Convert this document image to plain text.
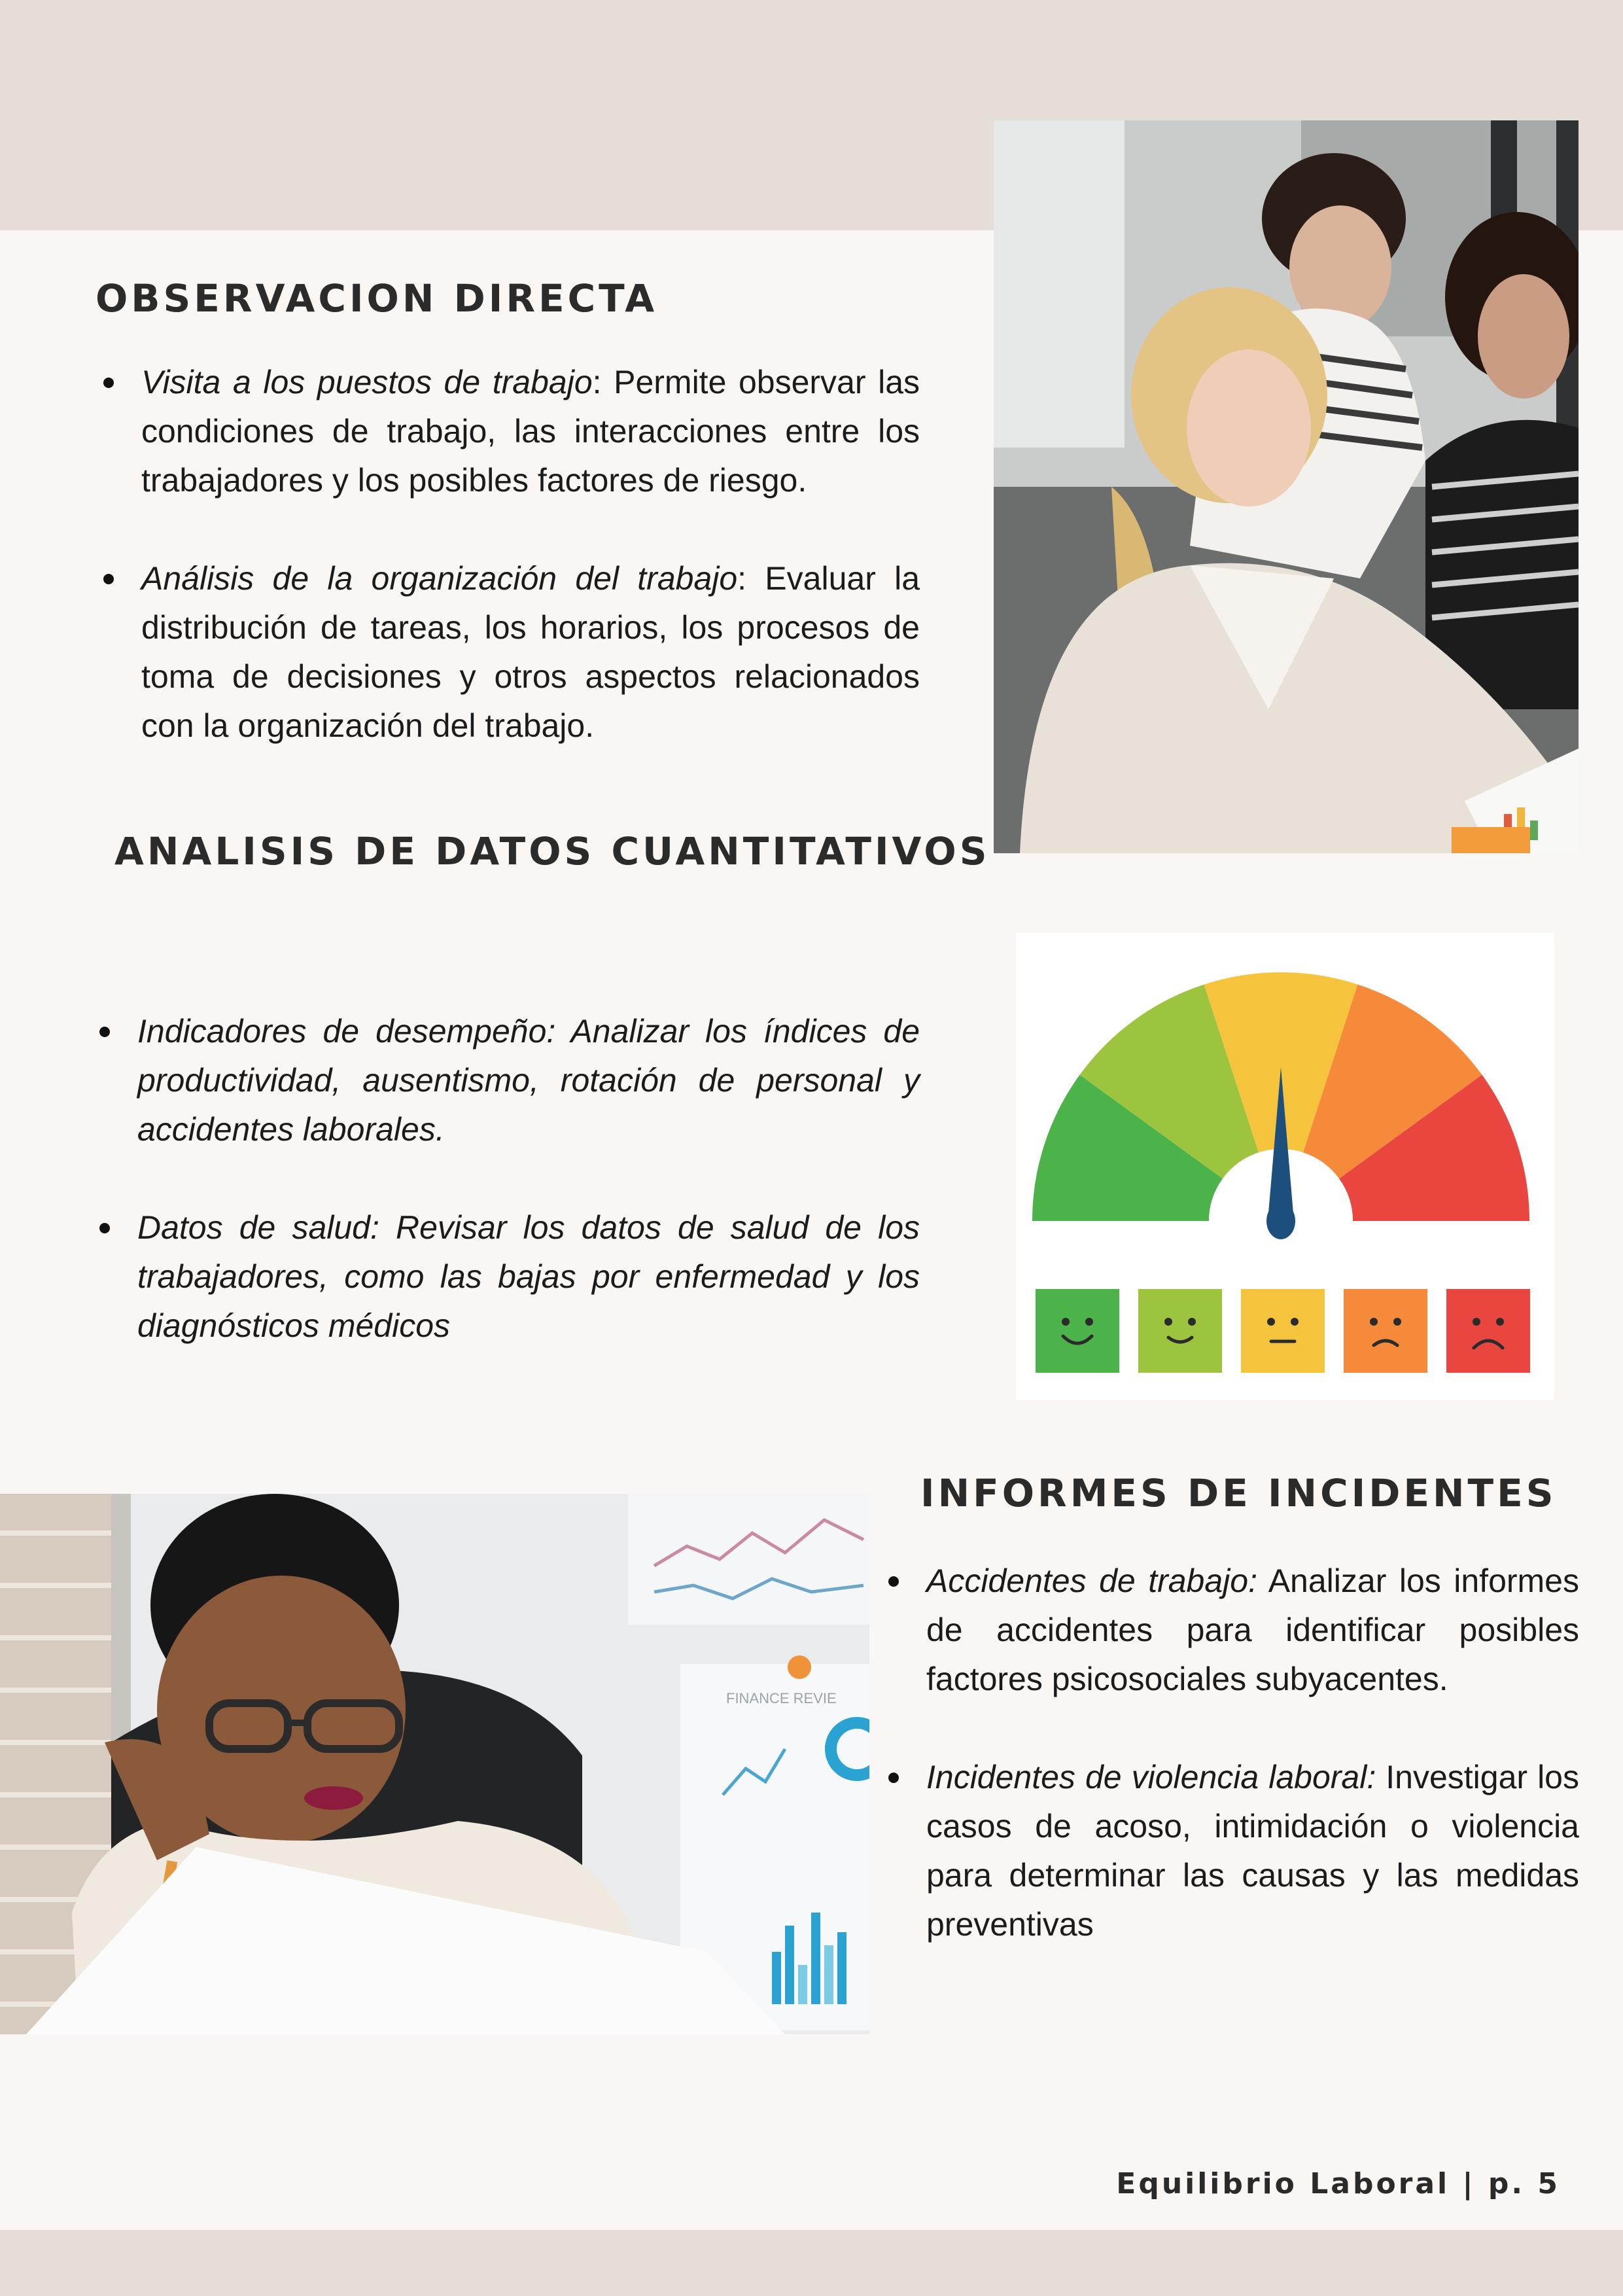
OBSERVACION DIRECTA
Visita a los puestos de trabajo: Permite observar las condiciones de trabajo, las interacciones entre los trabajadores y los posibles factores de riesgo.
Análisis de la organización del trabajo: Evaluar la distribución de tareas, los horarios, los procesos de toma de decisiones y otros aspectos relacionados con la organización del trabajo.
ANALISIS DE DATOS CUANTITATIVOS
Indicadores de desempeño: Analizar los índices de productividad, ausentismo, rotación de personal y accidentes laborales.
Datos de salud: Revisar los datos de salud de los trabajadores, como las bajas por enfermedad y los diagnósticos médicos
INFORMES DE INCIDENTES
Accidentes de trabajo: Analizar los informes de accidentes para identificar posibles factores psicosociales subyacentes.
Incidentes de violencia laboral: Investigar los casos de acoso, intimidación o violencia para determinar las causas y las medidas preventivas
FINANCE REVIE

Equilibrio Laboral | p. 5
